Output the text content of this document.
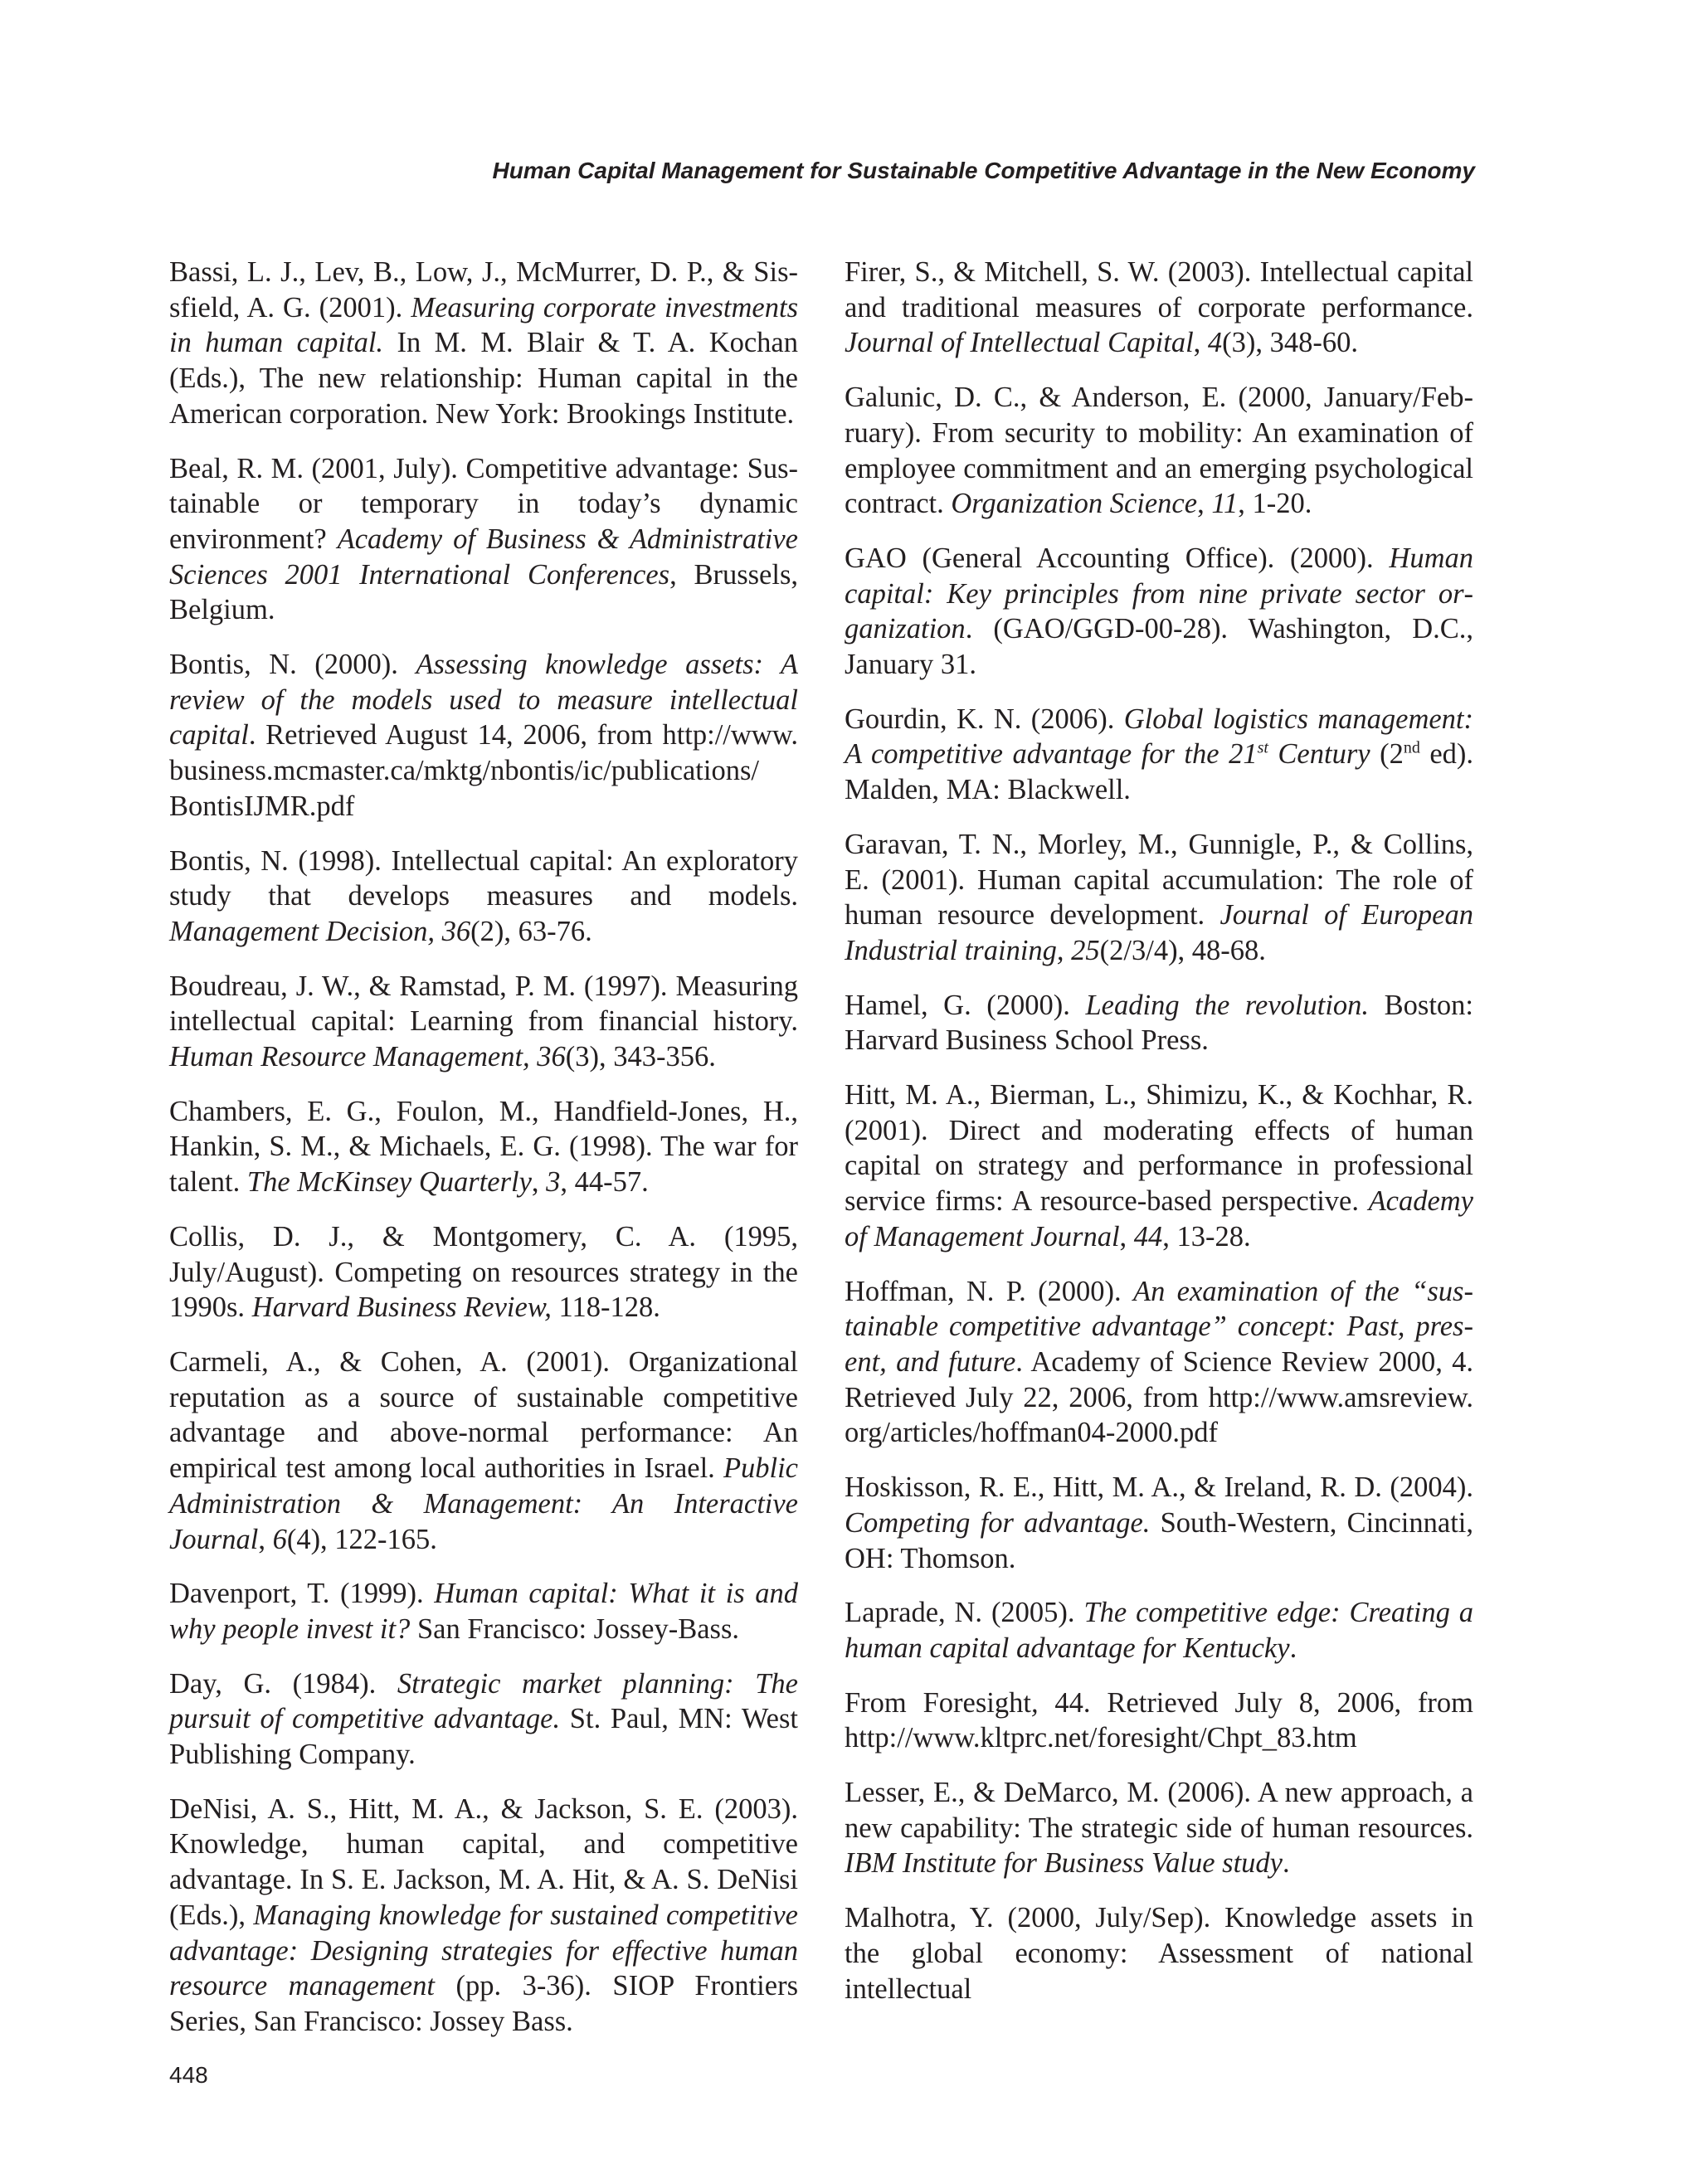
Human Capital Management for Sustainable Competitive Advantage in the New Economy

Bassi, L. J., Lev, B., Low, J., McMurrer, D. P., & Sissfield, A. G. (2001). Measuring corporate investments in human capital. In M. M. Blair & T. A. Kochan (Eds.), The new relationship: Human capital in the American corporation. New York: Brookings Institute.

Beal, R. M. (2001, July). Competitive advantage: Sustainable or temporary in today’s dynamic environment? Academy of Business & Administrative Sciences 2001 International Conferences, Brussels, Belgium.

Bontis, N. (2000). Assessing knowledge assets: A review of the models used to measure intellectual capital. Retrieved August 14, 2006, from http://www.​business.mcmaster.ca/mktg/nbontis/ic/publications/​BontisIJMR.pdf

Bontis, N. (1998). Intellectual capital: An exploratory study that develops measures and models. Management Decision, 36(2), 63-76.

Boudreau, J. W., & Ramstad, P. M. (1997). Measuring intellectual capital: Learning from financial history. Human Resource Management, 36(3), 343-356.

Chambers, E. G., Foulon, M., Handfield-Jones, H., Hankin, S. M., & Michaels, E. G. (1998). The war for talent. The McKinsey Quarterly, 3, 44-57.

Collis, D. J., & Montgomery, C. A. (1995, July/August). Competing on resources strategy in the 1990s. Harvard Business Review, 118-128.

Carmeli, A., & Cohen, A. (2001). Organizational reputation as a source of sustainable competitive advantage and above-normal performance: An empirical test among local authorities in Israel. Public Administration & Management: An Interactive Journal, 6(4), 122-165.

Davenport, T. (1999). Human capital: What it is and why people invest it? San Francisco: Jossey-Bass.

Day, G. (1984). Strategic market planning: The pursuit of competitive advantage. St. Paul, MN: West Publishing Company.

DeNisi, A. S., Hitt, M. A., & Jackson, S. E. (2003). Knowledge, human capital, and competitive advantage. In S. E. Jackson, M. A. Hit, & A. S. DeNisi (Eds.), Managing knowledge for sustained competitive advantage: Designing strategies for effective human resource management (pp. 3-36). SIOP Frontiers Series, San Francisco: Jossey Bass.

Firer, S., & Mitchell, S. W. (2003). Intellectual capital and traditional measures of corporate performance. Journal of Intellectual Capital, 4(3), 348-60.

Galunic, D. C., & Anderson, E. (2000, January/February). From security to mobility: An examination of employee commitment and an emerging psychological contract. Organization Science, 11, 1-20.

GAO (General Accounting Office). (2000). Human capital: Key principles from nine private sector organization. (GAO/GGD-00-28). Washington, D.C., January 31.

Gourdin, K. N. (2006). Global logistics management: A competitive advantage for the 21st Century (2nd ed). Malden, MA: Blackwell.

Garavan, T. N., Morley, M., Gunnigle, P., & Collins, E. (2001). Human capital accumulation: The role of human resource development. Journal of European Industrial training, 25(2/3/4), 48-68.

Hamel, G. (2000). Leading the revolution. Boston: Harvard Business School Press.

Hitt, M. A., Bierman, L., Shimizu, K., & Kochhar, R. (2001). Direct and moderating effects of human capital on strategy and performance in professional service firms: A resource-based perspective. Academy of Management Journal, 44, 13-28.

Hoffman, N. P. (2000). An examination of the “sustainable competitive advantage” concept: Past, present, and future. Academy of Science Review 2000, 4. Retrieved July 22, 2006, from http://www.amsreview.​org/articles/hoffman04-2000.pdf

Hoskisson, R. E., Hitt, M. A., & Ireland, R. D. (2004). Competing for advantage. South-Western, Cincinnati, OH: Thomson.

Laprade, N. (2005). The competitive edge: Creating a human capital advantage for Kentucky.

From Foresight, 44. Retrieved July 8, 2006, from http://www.kltprc.net/foresight/Chpt_83.htm

Lesser, E., & DeMarco, M. (2006). A new approach, a new capability: The strategic side of human resources. IBM Institute for Business Value study.

Malhotra, Y. (2000, July/Sep). Knowledge assets in the global economy: Assessment of national intellectual

448
